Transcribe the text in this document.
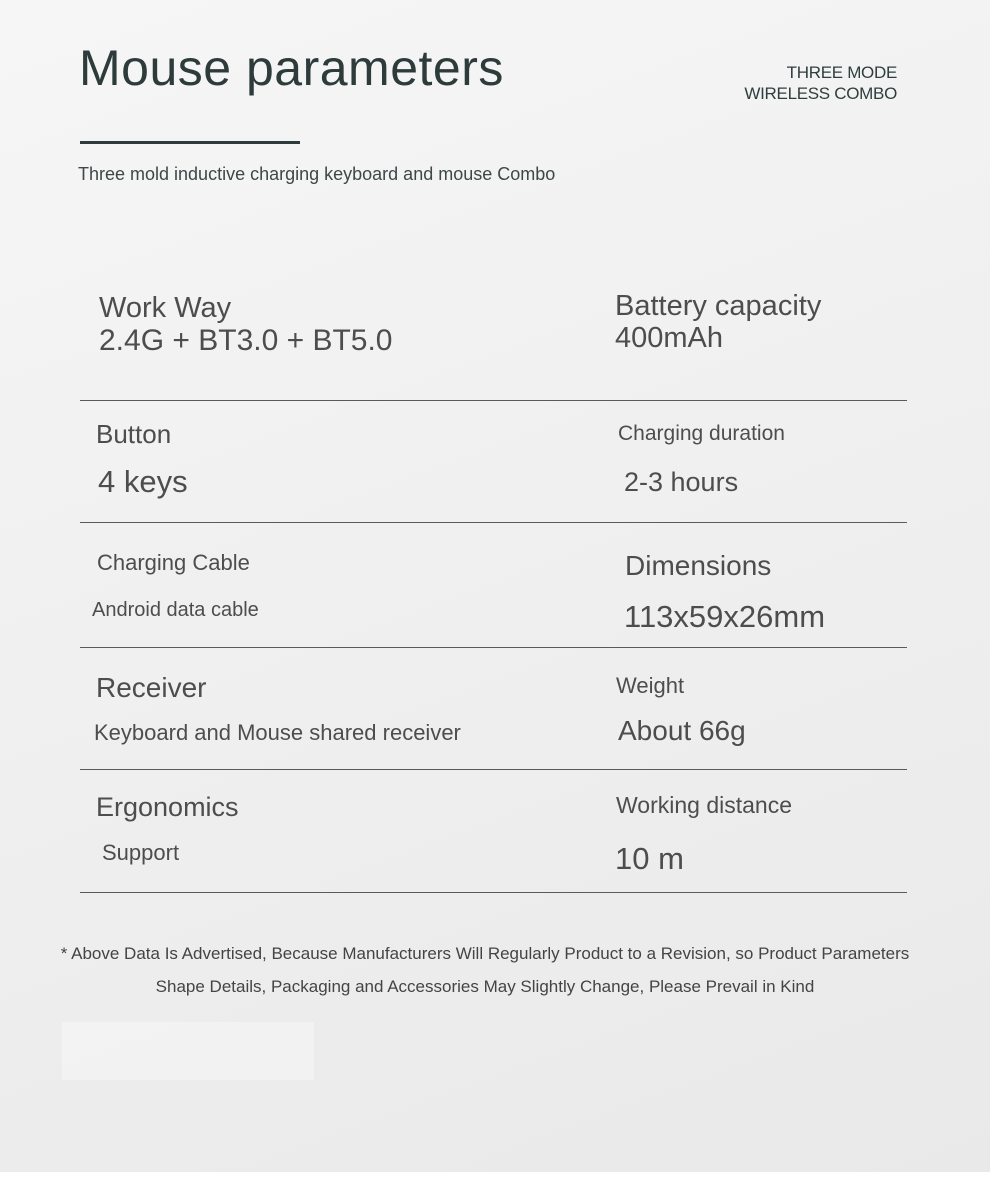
Mouse parameters	THREE MODE
WIRELESS COMBO
Three mold inductive charging keyboard and mouse Combo
Work Way
2.4G + BT3.0 + BT5.0
Battery capacity
400mAh
Button
4 keys
Charging duration
2-3 hours
Charging Cable
Android data cable
Dimensions
113x59x26mm
Receiver
Keyboard and Mouse shared receiver
Weight
About 66g
Ergonomics
Support
Working distance
10 m
* Above Data Is Advertised, Because Manufacturers Will Regularly Product to a Revision, so Product Parameters
Shape Details, Packaging and Accessories May Slightly Change, Please Prevail in Kind
